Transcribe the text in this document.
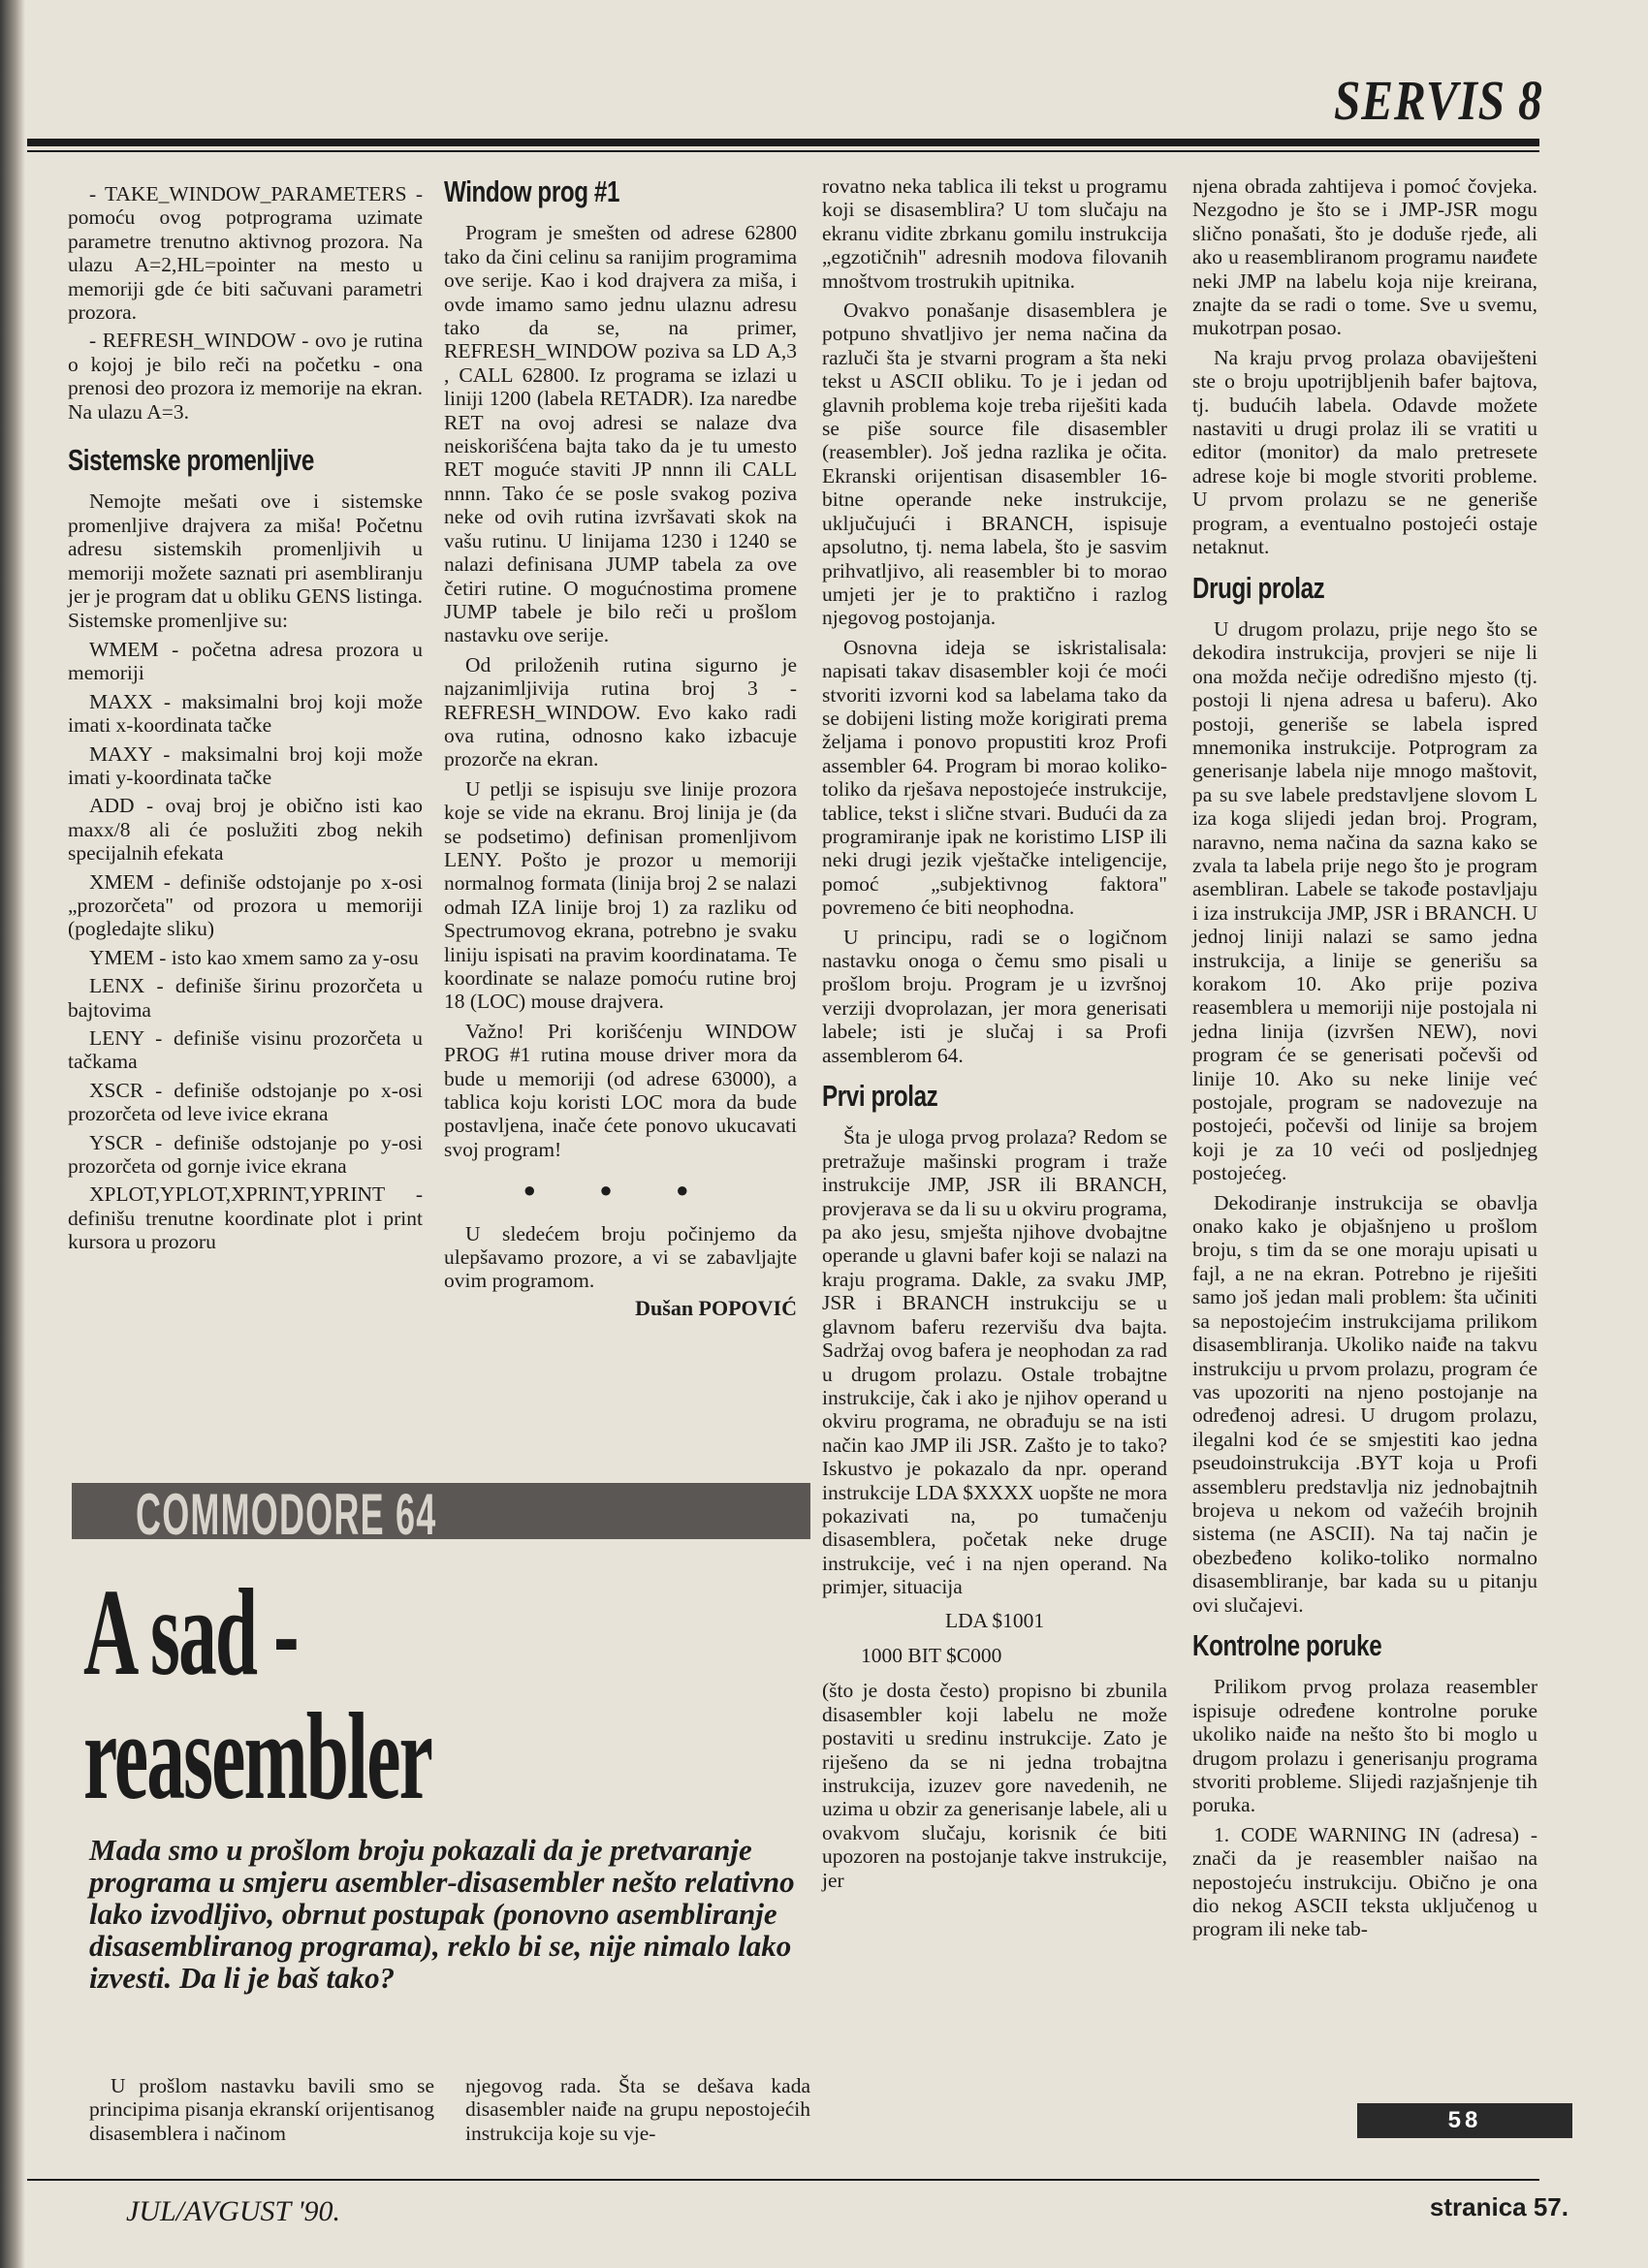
SERVIS 8

- TAKE_WINDOW_PARAMETERS - pomoću ovog potprograma uzimate parametre trenutno aktivnog prozora. Na ulazu A=2,HL=pointer na mesto u memoriji gde će biti sačuvani parametri prozora.

- REFRESH_WINDOW - ovo je rutina o kojoj je bilo reči na početku - ona prenosi deo prozora iz memorije na ekran. Na ulazu A=3.

Sistemske promenljive

Nemojte mešati ove i sistemske promenljive drajvera za miša! Početnu adresu sistemskih promenljivih u memoriji možete saznati pri asembliranju jer je program dat u obliku GENS listinga. Sistemske promenljive su:

WMEM - početna adresa prozora u memoriji

MAXX - maksimalni broj koji može imati x-koordinata tačke

MAXY - maksimalni broj koji može imati y-koordinata tačke

ADD - ovaj broj je obično isti kao maxx/8 ali će poslužiti zbog nekih specijalnih efekata

XMEM - definiše odstojanje po x-osi „prozorčeta" od prozora u memoriji (pogledajte sliku)

YMEM - isto kao xmem samo za y-osu

LENX - definiše širinu prozorčeta u bajtovima

LENY - definiše visinu prozorčeta u tačkama

XSCR - definiše odstojanje po x-osi prozorčeta od leve ivice ekrana

YSCR - definiše odstojanje po y-osi prozorčeta od gornje ivice ekrana

XPLOT,YPLOT,XPRINT,YPRINT - definišu trenutne koordinate plot i print kursora u prozoru

Window prog #1

Program je smešten od adrese 62800 tako da čini celinu sa ranijim programima ove serije. Kao i kod drajvera za miša, i ovde imamo samo jednu ulaznu adresu tako da se, na primer, REFRESH_WINDOW poziva sa LD A,3 , CALL 62800. Iz programa se izlazi u liniji 1200 (labela RETADR). Iza naredbe RET na ovoj adresi se nalaze dva neiskorišćena bajta tako da je tu umesto RET moguće staviti JP nnnn ili CALL nnnn. Tako će se posle svakog poziva neke od ovih rutina izvršavati skok na vašu rutinu. U linijama 1230 i 1240 se nalazi definisana JUMP tabela za ove četiri rutine. O mogućnostima promene JUMP tabele je bilo reči u prošlom nastavku ove serije.

Od priloženih rutina sigurno je najzanimljivija rutina broj 3 - REFRESH_WINDOW. Evo kako radi ova rutina, odnosno kako izbacuje prozorče na ekran.

U petlji se ispisuju sve linije prozora koje se vide na ekranu. Broj linija je (da se podsetimo) definisan promenljivom LENY. Pošto je prozor u memoriji normalnog formata (linija broj 2 se nalazi odmah IZA linije broj 1) za razliku od Spectrumovog ekrana, potrebno je svaku liniju ispisati na pravim koordinatama. Te koordinate se nalaze pomoću rutine broj 18 (LOC) mouse drajvera.

Važno! Pri korišćenju WINDOW PROG #1 rutina mouse driver mora da bude u memoriji (od adrese 63000), a tablica koju koristi LOC mora da bude postavljena, inače ćete ponovo ukucavati svoj program!

● ● ●

U sledećem broju počinjemo da ulepšavamo prozore, a vi se zabavljajte ovim programom.

Dušan POPOVIĆ

rovatno neka tablica ili tekst u programu koji se disasemblira? U tom slučaju na ekranu vidite zbrkanu gomilu instrukcija „egzotičnih" adresnih modova filovanih mnoštvom trostrukih upitnika.

Ovakvo ponašanje disasemblera je potpuno shvatljivo jer nema načina da razluči šta je stvarni program a šta neki tekst u ASCII obliku. To je i jedan od glavnih problema koje treba riješiti kada se piše source file disasembler (reasembler). Još jedna razlika je očita. Ekranski orijentisan disasembler 16-bitne operande neke instrukcije, uključujući i BRANCH, ispisuje apsolutno, tj. nema labela, što je sasvim prihvatljivo, ali reasembler bi to morao umjeti jer je to praktično i razlog njegovog postojanja.

Osnovna ideja se iskristalisala: napisati takav disasembler koji će moći stvoriti izvorni kod sa labelama tako da se dobijeni listing može korigirati prema željama i ponovo propustiti kroz Profi assembler 64. Program bi morao koliko-toliko da rješava nepostojeće instrukcije, tablice, tekst i slične stvari. Budući da za programiranje ipak ne koristimo LISP ili neki drugi jezik vještačke inteligencije, pomoć „subjektivnog faktora" povremeno će biti neophodna.

U principu, radi se o logičnom nastavku onoga o čemu smo pisali u prošlom broju. Program je u izvršnoj verziji dvoprolazan, jer mora generisati labele; isti je slučaj i sa Profi assemblerom 64.

Prvi prolaz

Šta je uloga prvog prolaza? Redom se pretražuje mašinski program i traže instrukcije JMP, JSR ili BRANCH, provjerava se da li su u okviru programa, pa ako jesu, smještа njihove dvobajtne operande u glavni bafer koji se nalazi na kraju programa. Dakle, za svaku JMP, JSR i BRANCH instrukciju se u glavnom baferu rezervišu dva bajta. Sadržaj ovog bafera je neophodan za rad u drugom prolazu. Ostale trobajtne instrukcije, čak i ako je njihov operand u okviru programa, ne obrađuju se na isti način kao JMP ili JSR. Zašto je to tako? Iskustvo je pokazalo da npr. operand instrukcije LDA $XXXX uopšte ne mora pokazivati na, po tumačenju disasemblera, početak neke druge instrukcije, već i na njen operand. Na primjer, situacija

LDA $1001

1000 BIT $C000

(što je dosta često) propisno bi zbunila disasembler koji labelu ne može postaviti u sredinu instrukcije. Zato je riješeno da se ni jedna trobajtna instrukcija, izuzev gore navedenih, ne uzima u obzir za generisanje labele, ali u ovakvom slučaju, korisnik će biti upozoren na postojanje takve instrukcije, jer

njena obrada zahtijeva i pomoć čovjeka. Nezgodno je što se i JMP-JSR mogu slično ponašati, što je doduše rjeđe, ali ako u reasembliranom programu naиđete neki JMP na labelu koja nije kreirana, znajte da se radi o tome. Sve u svemu, mukotrpan posao.

Na kraju prvog prolaza obaviješteni ste o broju upotrijbljenih bafer bajtova, tj. budućih labela. Odavde možete nastaviti u drugi prolaz ili se vratiti u editor (monitor) da malo pretresete adrese koje bi mogle stvoriti probleme. U prvom prolazu se ne generiše program, a eventualno postojeći ostaje netaknut.

Drugi prolaz

U drugom prolazu, prije nego što se dekodira instrukcija, provjeri se nije li ona možda nečije odredišno mjesto (tj. postoji li njena adresa u baferu). Ako postoji, generiše se labela ispred mnemonika instrukcije. Potprogram za generisanje labela nije mnogo maštovit, pa su sve labele predstavljene slovom L iza koga slijedi jedan broj. Program, naravno, nema načina da sazna kako se zvala ta labela prije nego što je program asembliran. Labele se takođe postavljaju i iza instrukcija JMP, JSR i BRANCH. U jednoj liniji nalazi se samo jedna instrukcija, a linije se generišu sa korakom 10. Ako prije poziva reasemblera u memoriji nije postojala ni jedna linija (izvršen NEW), novi program će se generisati počevši od linije 10. Ako su neke linije već postojale, program se nadovezuje na postojeći, počevši od linije sa brojem koji je za 10 veći od posljednjeg postojećeg.

Dekodiranje instrukcija se obavlja onako kako je objašnjeno u prošlom broju, s tim da se one moraju upisati u fajl, a ne na ekran. Potrebno je riješiti samo još jedan mali problem: šta učiniti sa nepostojećim instrukcijama prilikom disasembliranja. Ukoliko naiđe na takvu instrukciju u prvom prolazu, program će vas upozoriti na njeno postojanje na određenoj adresi. U drugom prolazu, ilegalni kod će se smjestiti kao jedna pseudoinstrukcija .BYT koja u Profi assembleru predstavlja niz jednobajtnih brojeva u nekom od važećih brojnih sistema (ne ASCII). Na taj način je obezbeđeno koliko-toliko normalno disasembliranje, bar kada su u pitanju ovi slučajevi.

Kontrolne poruke

Prilikom prvog prolaza reasembler ispisuje određene kontrolne poruke ukoliko naiđe na nešto što bi moglo u drugom prolazu i generisanju programa stvoriti probleme. Slijedi razjašnjenje tih poruka.

1. CODE WARNING IN (adresa) - znači da je reasembler naišao na nepostojeću instrukciju. Obično je ona dio nekog ASCII teksta uključenog u program ili neke tab-

COMMODORE 64
A sad -
reasembler
Mada smo u prošlom broju pokazali da je pretvaranje programa u smjeru asembler-disasembler nešto relativno lako izvodljivo, obrnut postupak (ponovno asembliranje disasembliranog programa), reklo bi se, nije nimalo lako izvesti. Da li je baš tako?

U prošlom nastavku bavili smo se principima pisanja ekranskí orijentisanog disasemblera i načinom

njegovog rada. Šta se dešava kada disasembler naiđe na grupu nepostojećih instrukcija koje su vje-	58
JUL/AVGUST '90.	stranica 57.
